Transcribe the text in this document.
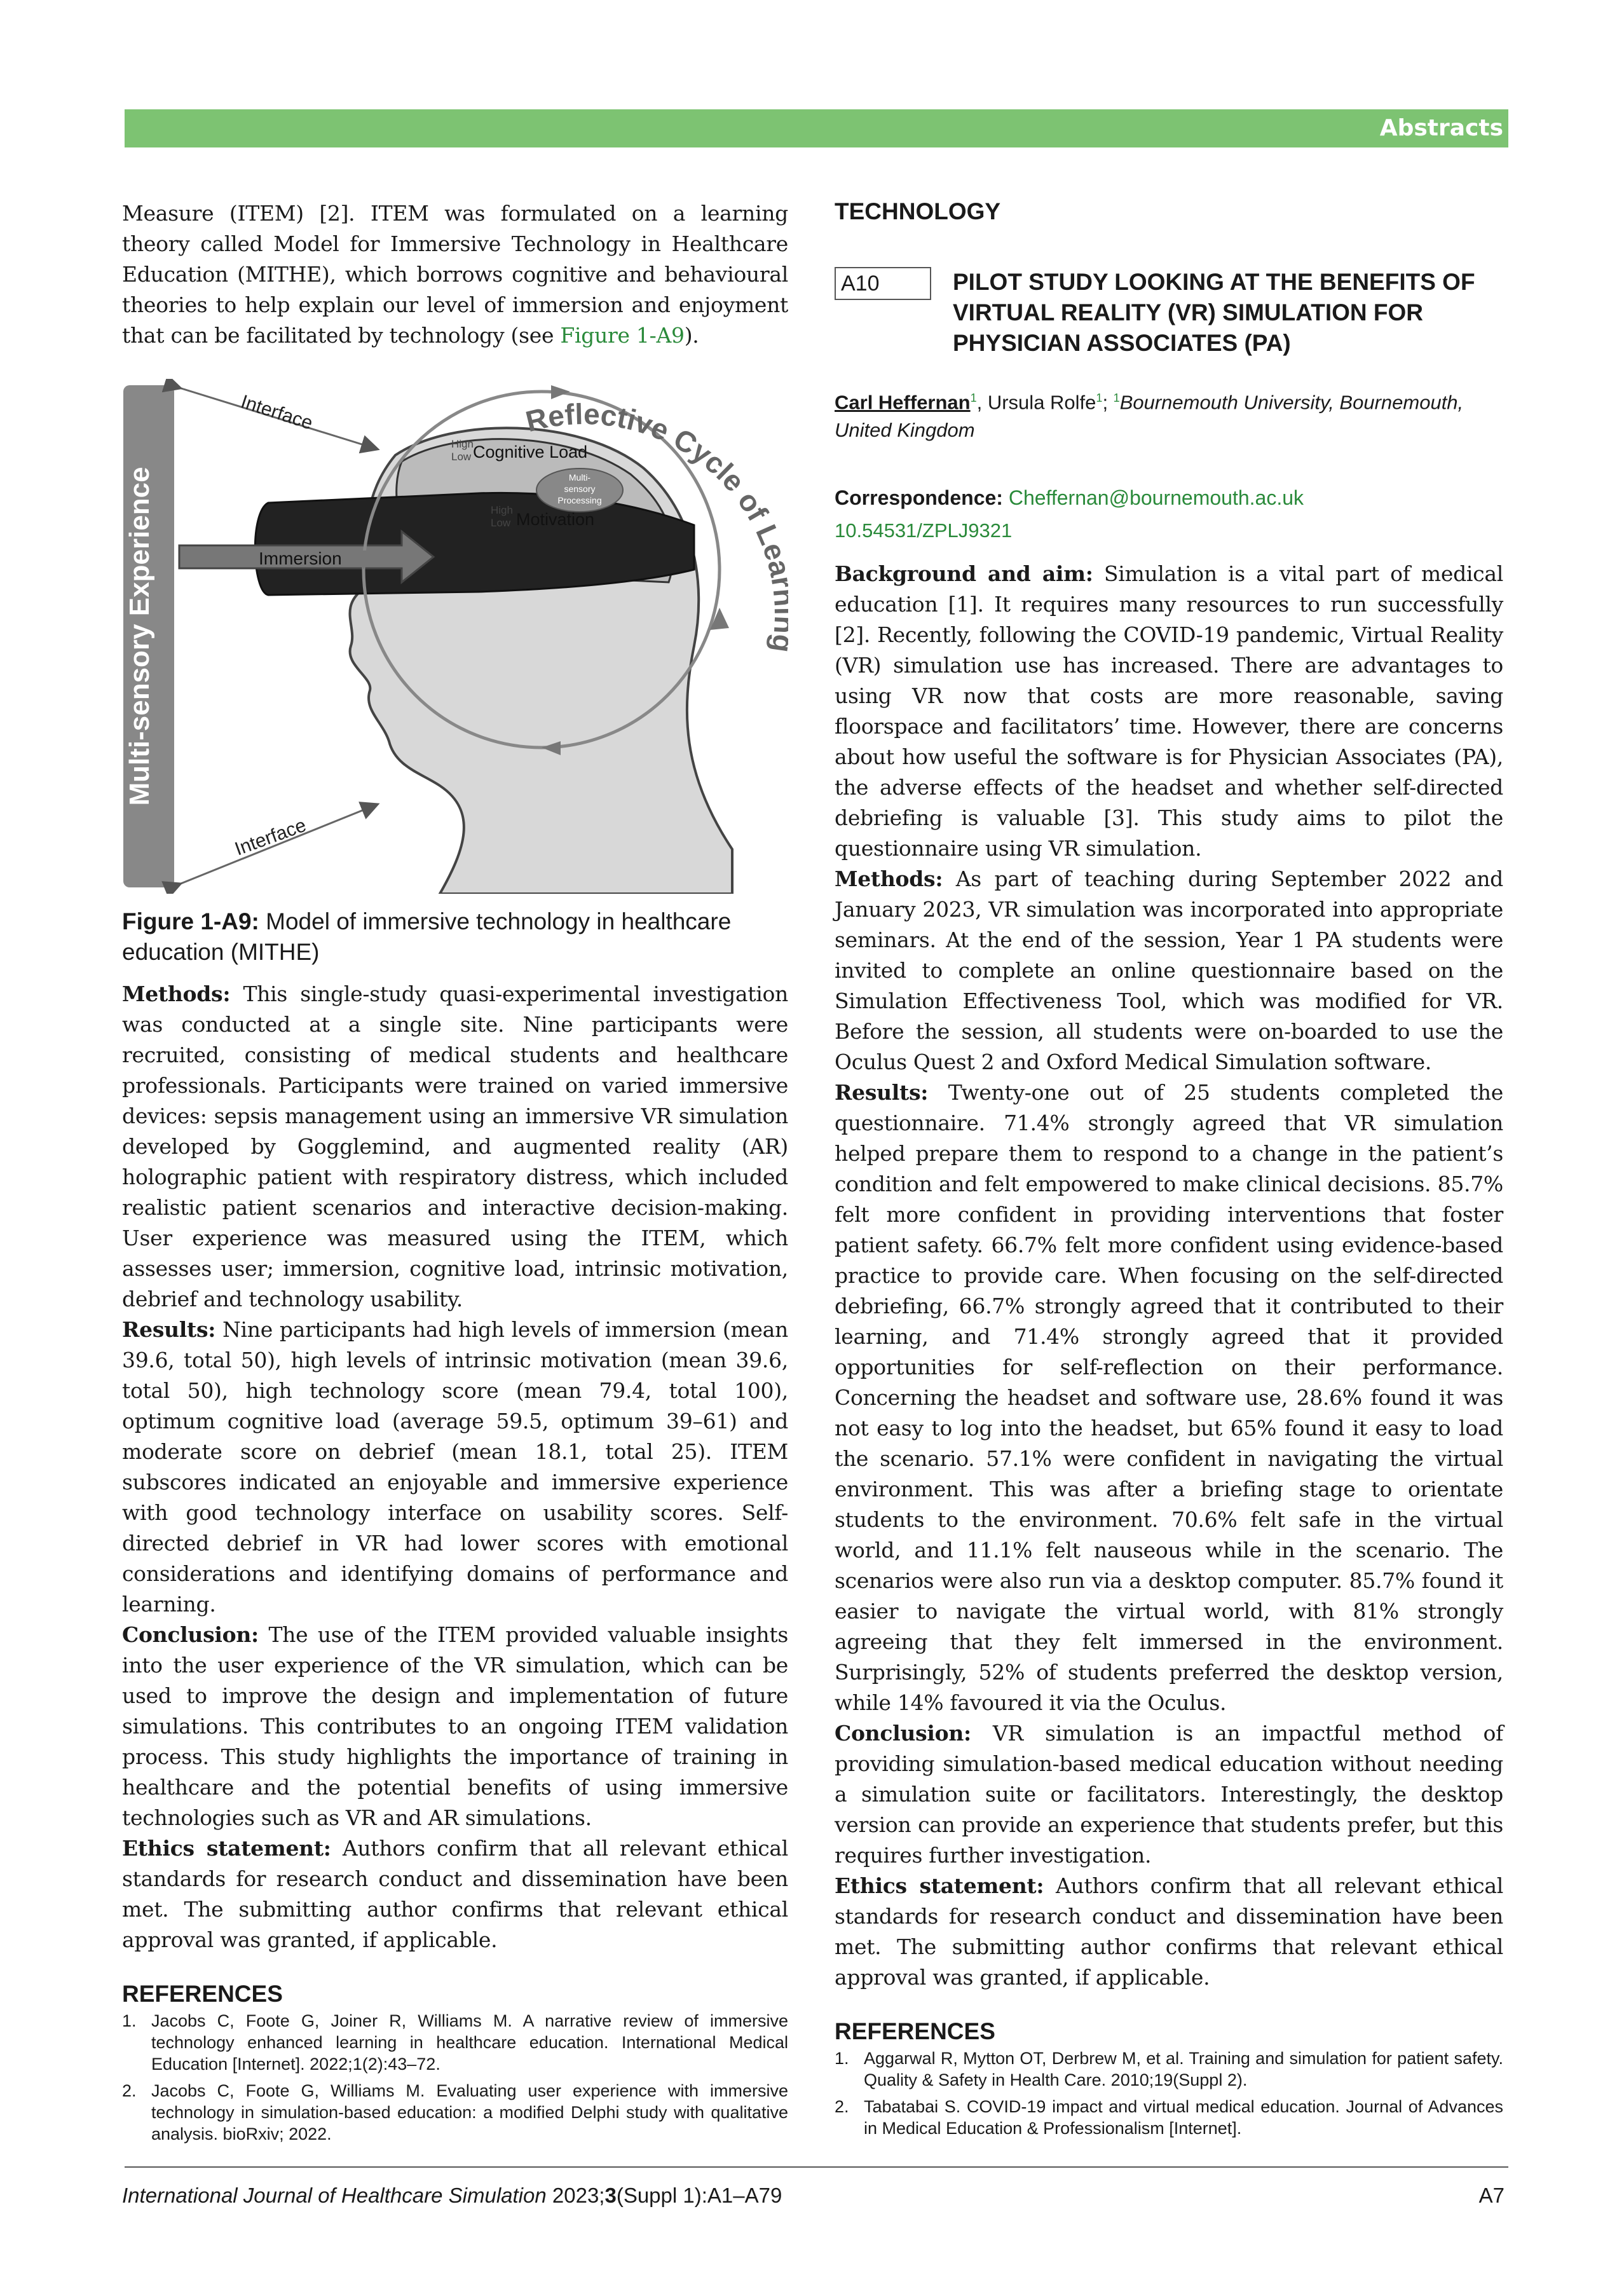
Abstracts

Measure (ITEM) [2]. ITEM was formulated on a learning theory called Model for Immersive Technology in Healthcare Education (MITHE), which borrows cognitive and behavioural theories to help explain our level of immersion and enjoyment that can be facilitated by technology (see Figure 1-A9).

Multi-sensory Experience
Interface
Interface
Immersion
High
Low Cognitive Load
Multi-
sensory
Processing
High
Low Motivation
Reflective Cycle of L

Figure 1-A9: Model of immersive technology in healthcare education (MITHE)

Methods: This single-study quasi-experimental investigation was conducted at a single site. Nine participants were recruited, consisting of medical students and healthcare professionals. Participants were trained on varied immersive devices: sepsis management using an immersive VR simulation developed by Gogglemind, and augmented reality (AR) holographic patient with respiratory distress, which included realistic patient scenarios and interactive decision-making. User experience was measured using the ITEM, which assesses user; immersion, cognitive load, intrinsic motivation, debrief and technology usability.

Results: Nine participants had high levels of immersion (mean 39.6, total 50), high levels of intrinsic motivation (mean 39.6, total 50), high technology score (mean 79.4, total 100), optimum cognitive load (average 59.5, optimum 39–61) and moderate score on debrief (mean 18.1, total 25). ITEM subscores indicated an enjoyable and immersive experience with good technology interface on usability scores. Self-directed debrief in VR had lower scores with emotional considerations and identifying domains of performance and learning.

Conclusion: The use of the ITEM provided valuable insights into the user experience of the VR simulation, which can be used to improve the design and implementation of future simulations. This contributes to an ongoing ITEM validation process. This study highlights the importance of training in healthcare and the potential benefits of using immersive technologies such as VR and AR simulations.

Ethics statement: Authors confirm that all relevant ethical standards for research conduct and dissemination have been met. The submitting author confirms that relevant ethical approval was granted, if applicable.

REFERENCES
1. Jacobs C, Foote G, Joiner R, Williams M. A narrative review of immersive technology enhanced learning in healthcare education. International Medical Education [Internet]. 2022;1(2):43–72.
2. Jacobs C, Foote G, Williams M. Evaluating user experience with immersive technology in simulation-based education: a modified Delphi study with qualitative analysis. bioRxiv; 2022.
TECHNOLOGY
A10	PILOT STUDY LOOKING AT THE BENEFITS OF VIRTUAL REALITY (VR) SIMULATION FOR PHYSICIAN ASSOCIATES (PA)

Carl Heffernan$^1$, Ursula Rolfe$^1$; $^1$Bournemouth University, Bournemouth, United Kingdom

Correspondence: Cheffernan@bournemouth.ac.uk

10.54531/ZPLJ9321

Background and aim: Simulation is a vital part of medical education [1]. It requires many resources to run successfully [2]. Recently, following the COVID-19 pandemic, Virtual Reality (VR) simulation use has increased. There are advantages to using VR now that costs are more reasonable, saving floorspace and facilitators’ time. However, there are concerns about how useful the software is for Physician Associates (PA), the adverse effects of the headset and whether self-directed debriefing is valuable [3]. This study aims to pilot the questionnaire using VR simulation.

Methods: As part of teaching during September 2022 and January 2023, VR simulation was incorporated into appropriate seminars. At the end of the session, Year 1 PA students were invited to complete an online questionnaire based on the Simulation Effectiveness Tool, which was modified for VR. Before the session, all students were on-boarded to use the Oculus Quest 2 and Oxford Medical Simulation software.

Results: Twenty-one out of 25 students completed the questionnaire. 71.4% strongly agreed that VR simulation helped prepare them to respond to a change in the patient’s condition and felt empowered to make clinical decisions. 85.7% felt more confident in providing interventions that foster patient safety. 66.7% felt more confident using evidence-based practice to provide care. When focusing on the self-directed debriefing, 66.7% strongly agreed that it contributed to their learning, and 71.4% strongly agreed that it provided opportunities for self-reflection on their performance. Concerning the headset and software use, 28.6% found it was not easy to log into the headset, but 65% found it easy to load the scenario. 57.1% were confident in navigating the virtual environment. This was after a briefing stage to orientate students to the environment. 70.6% felt safe in the virtual world, and 11.1% felt nauseous while in the scenario. The scenarios were also run via a desktop computer. 85.7% found it easier to navigate the virtual world, with 81% strongly agreeing that they felt immersed in the environment. Surprisingly, 52% of students preferred the desktop version, while 14% favoured it via the Oculus.

Conclusion: VR simulation is an impactful method of providing simulation-based medical education without needing a simulation suite or facilitators. Interestingly, the desktop version can provide an experience that students prefer, but this requires further investigation.

Ethics statement: Authors confirm that all relevant ethical standards for research conduct and dissemination have been met. The submitting author confirms that relevant ethical approval was granted, if applicable.

REFERENCES
1. Aggarwal R, Mytton OT, Derbrew M, et al. Training and simulation for patient safety. Quality & Safety in Health Care. 2010;19(Suppl 2).
2. Tabatabai S. COVID-19 impact and virtual medical education. Journal of Advances in Medical Education & Professionalism [Internet].
International Journal of Healthcare Simulation 2023;3(Suppl 1):A1–A79	A7
